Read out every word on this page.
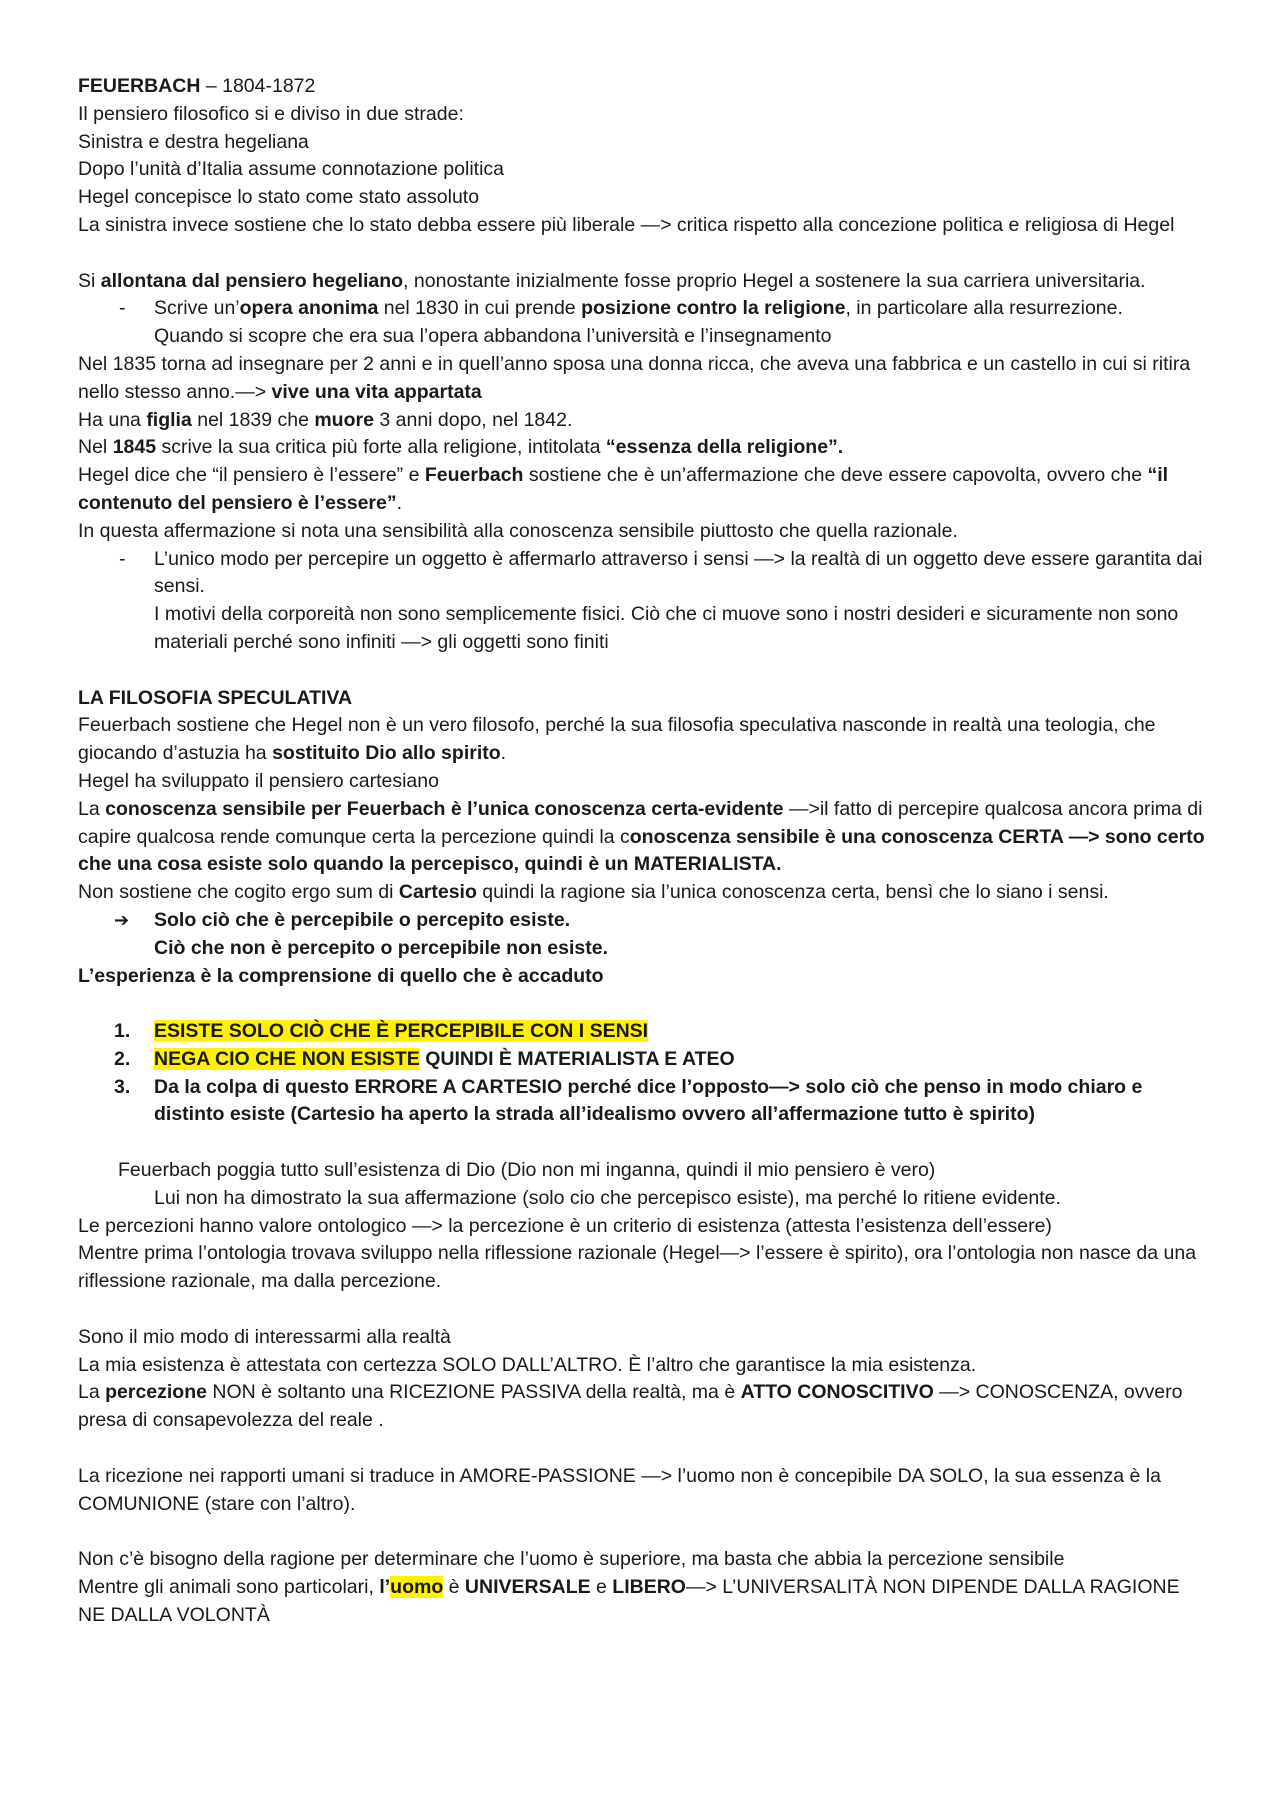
FEUERBACH – 1804-1872

Il pensiero filosofico si e diviso in due strade:

Sinistra e destra hegeliana

Dopo l’unità d’Italia assume connotazione politica

Hegel concepisce lo stato come stato assoluto

La sinistra invece sostiene che lo stato debba essere più liberale —> critica rispetto alla concezione politica e religiosa di Hegel

Si allontana dal pensiero hegeliano, nonostante inizialmente fosse proprio Hegel a sostenere la sua carriera universitaria.

- Scrive un’opera anonima nel 1830 in cui prende posizione contro la religione, in particolare alla resurrezione.

Quando si scopre che era sua l’opera abbandona l’università e l’insegnamento

Nel 1835 torna ad insegnare per 2 anni e in quell’anno sposa una donna ricca, che aveva una fabbrica e un castello in cui si ritira nello stesso anno.—> vive una vita appartata

Ha una figlia nel 1839 che muore 3 anni dopo, nel 1842.

Nel 1845 scrive la sua critica più forte alla religione, intitolata “essenza della religione”.

Hegel dice che “il pensiero è l’essere” e Feuerbach sostiene che è un’affermazione che deve essere capovolta, ovvero che “il contenuto del pensiero è l’essere”.

In questa affermazione si nota una sensibilità alla conoscenza sensibile piuttosto che quella razionale.

- L’unico modo per percepire un oggetto è affermarlo attraverso i sensi —> la realtà di un oggetto deve essere garantita dai sensi.

I motivi della corporeità non sono semplicemente fisici. Ciò che ci muove sono i nostri desideri e sicuramente non sono materiali perché sono infiniti —> gli oggetti sono finiti

LA FILOSOFIA SPECULATIVA

Feuerbach sostiene che Hegel non è un vero filosofo, perché la sua filosofia speculativa nasconde in realtà una teologia, che giocando d’astuzia ha sostituito Dio allo spirito.

Hegel ha sviluppato il pensiero cartesiano

La conoscenza sensibile per Feuerbach è l’unica conoscenza certa-evidente —>il fatto di percepire qualcosa ancora prima di capire qualcosa rende comunque certa la percezione quindi la conoscenza sensibile è una conoscenza CERTA —> sono certo che una cosa esiste solo quando la percepisco, quindi è un MATERIALISTA.

Non sostiene che cogito ergo sum di Cartesio quindi la ragione sia l’unica conoscenza certa, bensì che lo siano i sensi.

➔ Solo ciò che è percepibile o percepito esiste.

Ciò che non è percepito o percepibile non esiste.

L’esperienza è la comprensione di quello che è accaduto

1. ESISTE SOLO CIÒ CHE È PERCEPIBILE CON I SENSI

2. NEGA CIO CHE NON ESISTE QUINDI È MATERIALISTA E ATEO

3. Da la colpa di questo ERRORE A CARTESIO perché dice l’opposto—> solo ciò che penso in modo chiaro e distinto esiste (Cartesio ha aperto la strada all’idealismo ovvero all’affermazione tutto è spirito)

Feuerbach poggia tutto sull’esistenza di Dio (Dio non mi inganna, quindi il mio pensiero è vero)

Lui non ha dimostrato la sua affermazione (solo cio che percepisco esiste), ma perché lo ritiene evidente.

Le percezioni hanno valore ontologico —> la percezione è un criterio di esistenza (attesta l’esistenza dell’essere)

Mentre prima l’ontologia trovava sviluppo nella riflessione razionale (Hegel—> l’essere è spirito), ora l’ontologia non nasce da una riflessione razionale, ma dalla percezione.

Sono il mio modo di interessarmi alla realtà

La mia esistenza è attestata con certezza SOLO DALL’ALTRO. È l’altro che garantisce la mia esistenza.

La percezione NON è soltanto una RICEZIONE PASSIVA della realtà, ma è ATTO CONOSCITIVO —> CONOSCENZA, ovvero presa di consapevolezza del reale .

La ricezione nei rapporti umani si traduce in AMORE-PASSIONE —> l’uomo non è concepibile DA SOLO, la sua essenza è la COMUNIONE (stare con l’altro).

Non c’è bisogno della ragione per determinare che l’uomo è superiore, ma basta che abbia la percezione sensibile

Mentre gli animali sono particolari, l’uomo è UNIVERSALE e LIBERO—> L’UNIVERSALITÀ NON DIPENDE DALLA RAGIONE NE DALLA VOLONTÀ
